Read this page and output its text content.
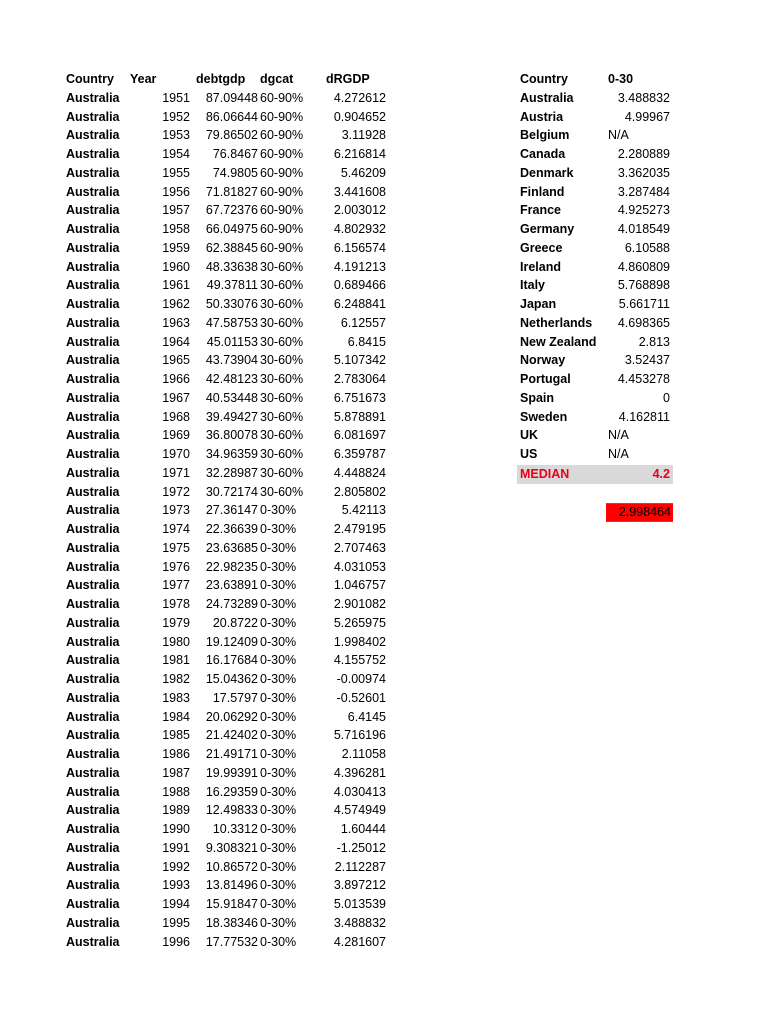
Country Year	debtgdp dgcat	dRGDP
Australia	1951	87.09448 60-90%	4.272612
Australia	1952	86.06644 60-90%	0.904652
Australia	1953	79.86502 60-90%	3.11928
Australia	1954	76.8467 60-90%	6.216814
Australia	1955	74.9805 60-90%	5.46209
Australia	1956	71.81827 60-90%	3.441608
Australia	1957	67.72376 60-90%	2.003012
Australia	1958	66.04975 60-90%	4.802932
Australia	1959	62.38845 60-90%	6.156574
Australia	1960	48.33638 30-60%	4.191213
Australia	1961	49.37811 30-60%	0.689466
Australia	1962	50.33076 30-60%	6.248841
Australia	1963	47.58753 30-60%	6.12557
Australia	1964	45.01153 30-60%	6.8415
Australia	1965	43.73904 30-60%	5.107342
Australia	1966	42.48123 30-60%	2.783064
Australia	1967	40.53448 30-60%	6.751673
Australia	1968	39.49427 30-60%	5.878891
Australia	1969	36.80078 30-60%	6.081697
Australia	1970	34.96359 30-60%	6.359787
Australia	1971	32.28987 30-60%	4.448824
Australia	1972	30.72174 30-60%	2.805802
Australia	1973	27.36147 0-30%	5.42113
Australia	1974	22.36639 0-30%	2.479195
Australia	1975	23.63685 0-30%	2.707463
Australia	1976	22.98235 0-30%	4.031053
Australia	1977	23.63891 0-30%	1.046757
Australia	1978	24.73289 0-30%	2.901082
Australia	1979	20.8722 0-30%	5.265975
Australia	1980	19.12409 0-30%	1.998402
Australia	1981	16.17684 0-30%	4.155752
Australia	1982	15.04362 0-30%	-0.00974
Australia	1983	17.5797 0-30%	-0.52601
Australia	1984	20.06292 0-30%	6.4145
Australia	1985	21.42402 0-30%	5.716196
Australia	1986	21.49171 0-30%	2.11058
Australia	1987	19.99391 0-30%	4.396281
Australia	1988	16.29359 0-30%	4.030413
Australia	1989	12.49833 0-30%	4.574949
Australia	1990	10.3312 0-30%	1.60444
Australia	1991	9.308321 0-30%	-1.25012
Australia	1992	10.86572 0-30%	2.112287
Australia	1993	13.81496 0-30%	3.897212
Australia	1994	15.91847 0-30%	5.013539
Australia	1995	18.38346 0-30%	3.488832
Australia	1996	17.77532 0-30%	4.281607
Country	0-30
Australia	3.488832
Austria	4.99967
Belgium	N/A
Canada	2.280889
Denmark	3.362035
Finland	3.287484
France	4.925273
Germany	4.018549
Greece	6.10588
Ireland	4.860809
Italy	5.768898
Japan	5.661711
Netherlands	4.698365
New Zealand	2.813
Norway	3.52437
Portugal	4.453278
Spain	0
Sweden	4.162811
UK	N/A
US	N/A
MEDIAN	4.2
2.998464
